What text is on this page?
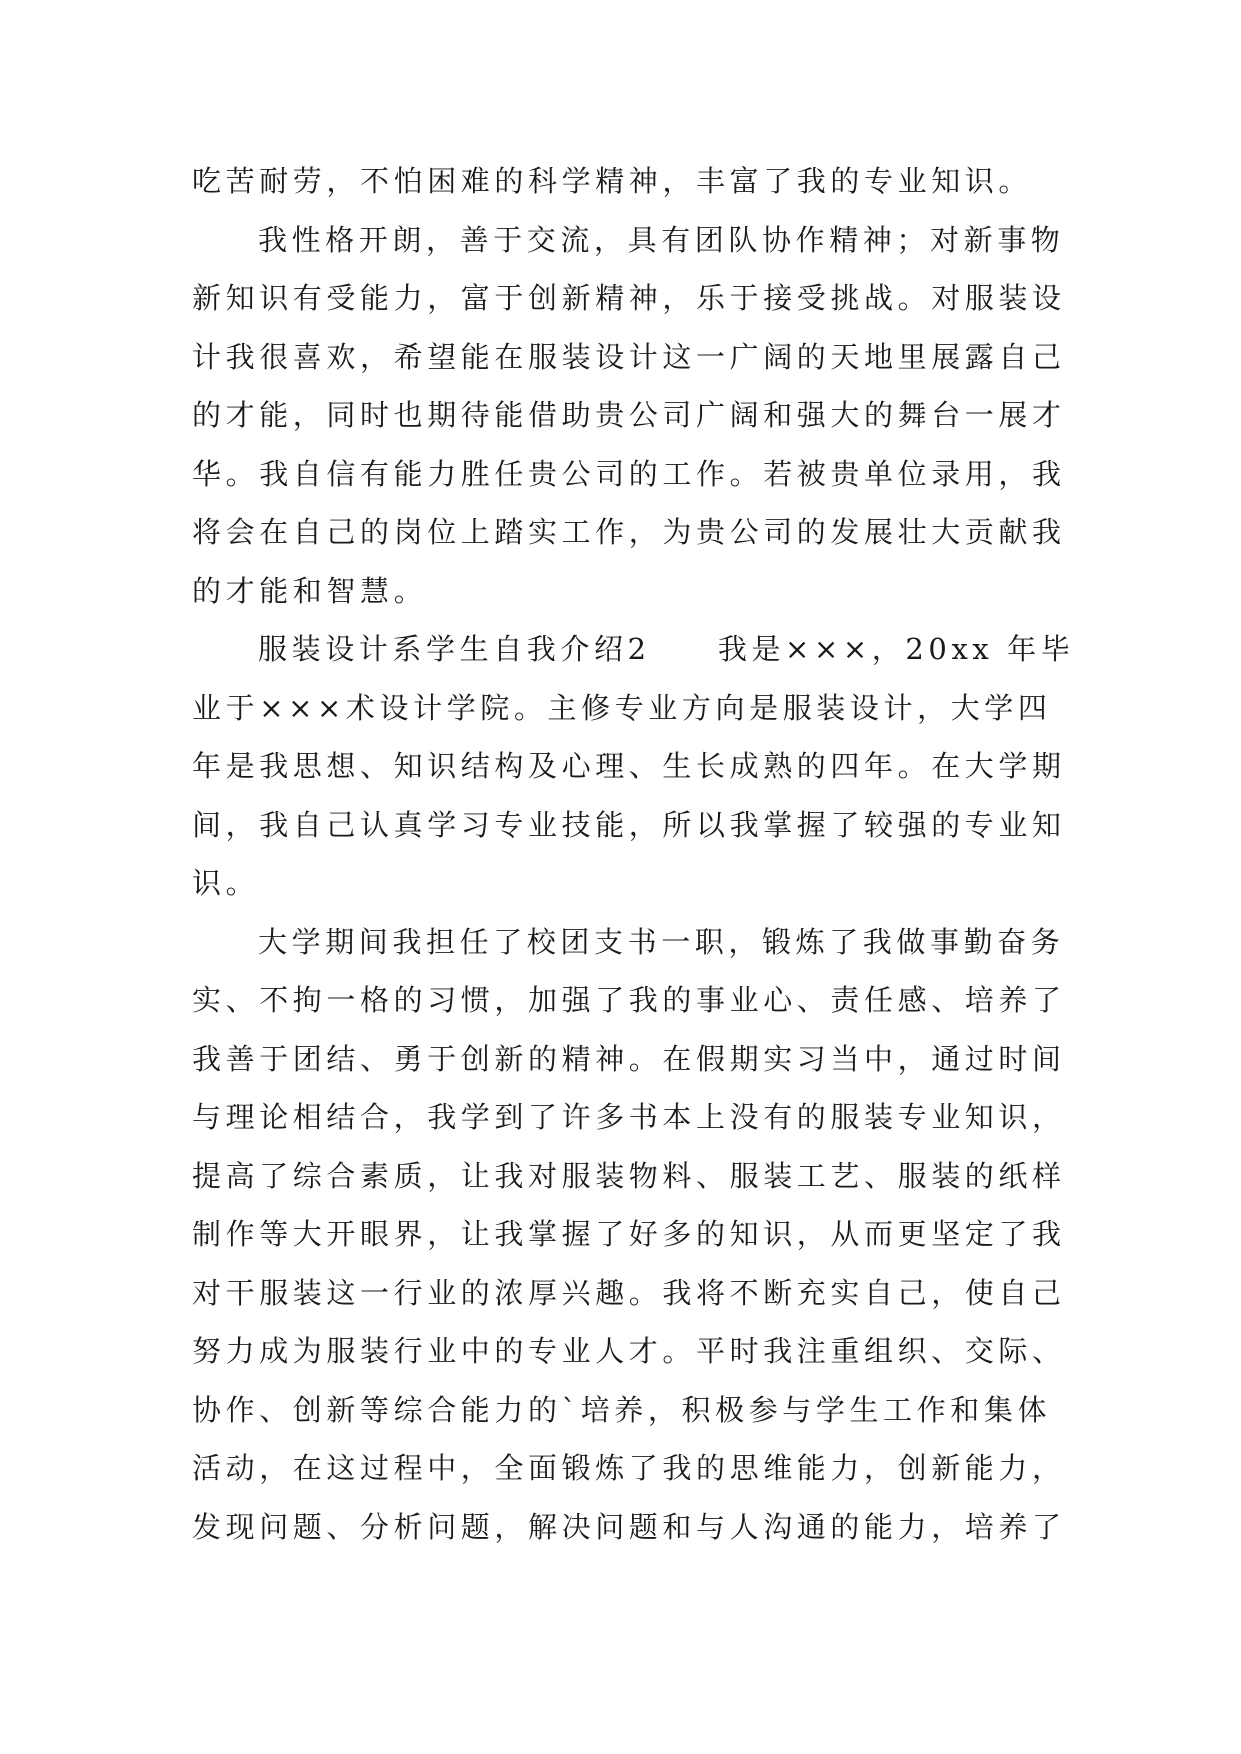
吃苦耐劳，不怕困难的科学精神，丰富了我的专业知识。
我性格开朗，善于交流，具有团队协作精神；对新事物
新知识有受能力，富于创新精神，乐于接受挑战。对服装设
计我很喜欢，希望能在服装设计这一广阔的天地里展露自己
的才能，同时也期待能借助贵公司广阔和强大的舞台一展才
华。我自信有能力胜任贵公司的工作。若被贵单位录用，我
将会在自己的岗位上踏实工作，为贵公司的发展壮大贡献我
的才能和智慧。
服装设计系学生自我介绍2　　我是×××，20xx 年毕
业于×××术设计学院。主修专业方向是服装设计，大学四
年是我思想、知识结构及心理、生长成熟的四年。在大学期
间，我自己认真学习专业技能，所以我掌握了较强的专业知
识。
大学期间我担任了校团支书一职，锻炼了我做事勤奋务
实、不拘一格的习惯，加强了我的事业心、责任感、培养了
我善于团结、勇于创新的精神。在假期实习当中，通过时间
与理论相结合，我学到了许多书本上没有的服装专业知识，
提高了综合素质，让我对服装物料、服装工艺、服装的纸样
制作等大开眼界，让我掌握了好多的知识，从而更坚定了我
对干服装这一行业的浓厚兴趣。我将不断充实自己，使自己
努力成为服装行业中的专业人才。平时我注重组织、交际、
协作、创新等综合能力的`培养，积极参与学生工作和集体
活动，在这过程中，全面锻炼了我的思维能力，创新能力，
发现问题、分析问题，解决问题和与人沟通的能力，培养了
